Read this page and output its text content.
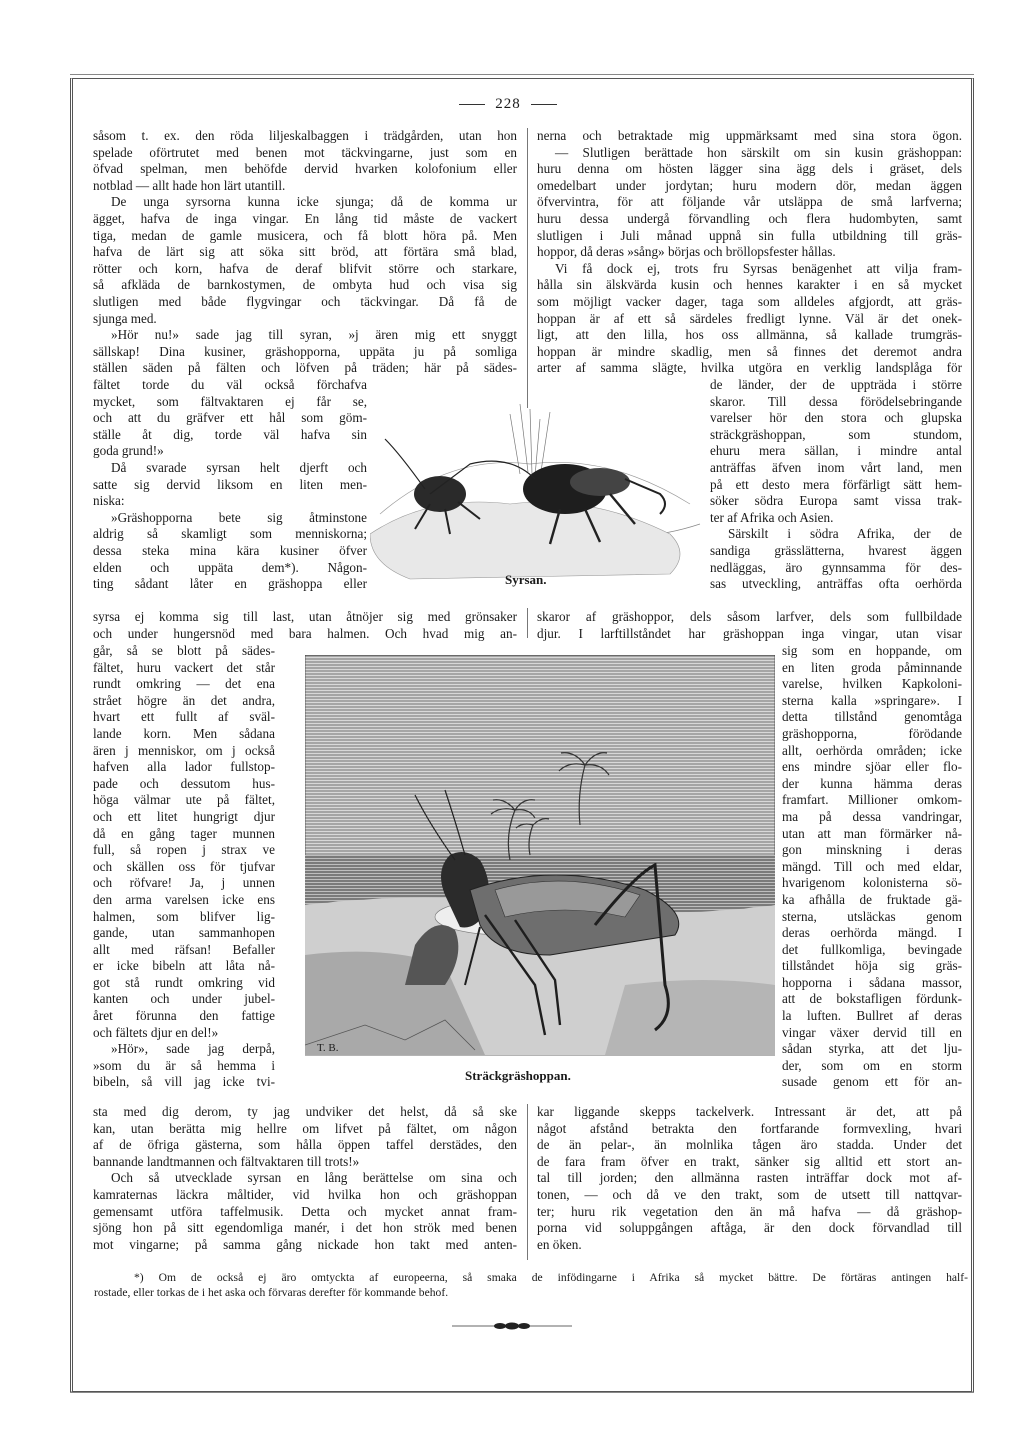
228
såsom t. ex. den röda liljeskalbaggen i trädgården, utan hon
spelade oförtrutet med benen mot täckvingarne, just som en
öfvad spelman, men behöfde dervid hvarken kolofonium eller
notblad — allt hade hon lärt utantill.
De unga syrsorna kunna icke sjunga; då de komma ur
ägget, hafva de inga vingar. En lång tid måste de vackert
tiga, medan de gamle musicera, och få blott höra på. Men
hafva de lärt sig att söka sitt bröd, att förtära små blad,
rötter och korn, hafva de deraf blifvit större och starkare,
så afkläda de barnkostymen, de ombyta hud och visa sig
slutligen med både flygvingar och täckvingar. Då få de
sjunga med.
»Hör nu!» sade jag till syran, »j ären mig ett snyggt
sällskap! Dina kusiner, gräshopporna, uppäta ju på somliga
ställen säden på fälten och löfven på träden; här på sädes-
fältet torde du väl också förchafva
mycket, som fältvaktaren ej får se,
och att du gräfver ett hål som göm-
ställe åt dig, torde väl hafva sin
goda grund!»
Då svarade syrsan helt djerft och
satte sig dervid liksom en liten men-
niska:
»Gräshopporna bete sig åtminstone
aldrig så skamligt som menniskorna;
dessa steka mina kära kusiner öfver
elden och uppäta dem*). Någon-
ting sådant låter en gräshoppa eller
syrsa ej komma sig till last, utan åtnöjer sig med grönsaker
och under hungersnöd med bara halmen. Och hvad mig an-
går, så se blott på sädes-
fältet, huru vackert det står
rundt omkring — det ena
strået högre än det andra,
hvart ett fullt af sväl-
lande korn. Men sådana
ären j menniskor, om j också
hafven alla lador fullstop-
pade och dessutom hus-
höga välmar ute på fältet,
och ett litet hungrigt djur
då en gång tager munnen
full, så ropen j strax ve
och skällen oss för tjufvar
och röfvare! Ja, j unnen
den arma varelsen icke ens
halmen, som blifver lig-
gande, utan sammanhopen
allt med räfsan! Befaller
er icke bibeln att låta nå-
got stå rundt omkring vid
kanten och under jubel-
året förunna den fattige
och fältets djur en del!»
»Hör», sade jag derpå,
»som du är så hemma i
bibeln, så vill jag icke tvi-
sta med dig derom, ty jag undviker det helst, då så ske
kan, utan berätta mig hellre om lifvet på fältet, om någon
af de öfriga gästerna, som hålla öppen taffel derstädes, den
bannande landtmannen och fältvaktaren till trots!»
Och så utvecklade syrsan en lång berättelse om sina och
kamraternas läckra måltider, vid hvilka hon och gräshoppan
gemensamt utföra taffelmusik. Detta och mycket annat fram-
sjöng hon på sitt egendomliga manér, i det hon strök med benen
mot vingarne; på samma gång nickade hon takt med anten-
nerna och betraktade mig uppmärksamt med sina stora ögon.
— Slutligen berättade hon särskilt om sin kusin gräshoppan:
huru denna om hösten lägger sina ägg dels i gräset, dels
omedelbart under jordytan; huru modern dör, medan äggen
öfvervintra, för att följande vår utsläppa de små larfverna;
huru dessa undergå förvandling och flera hudombyten, samt
slutligen i Juli månad uppnå sin fulla utbildning till gräs-
hoppor, då deras »sång» börjas och bröllopsfester hållas.
Vi få dock ej, trots fru Syrsas benägenhet att vilja fram-
hålla sin älskvärda kusin och hennes karakter i en så mycket
som möjligt vacker dager, taga som alldeles afgjordt, att gräs-
hoppan är af ett så särdeles fredligt lynne. Väl är det onek-
ligt, att den lilla, hos oss allmänna, så kallade trumgräs-
hoppan är mindre skadlig, men så finnes det deremot andra
arter af samma slägte, hvilka utgöra en verklig landsplåga för
de länder, der de uppträda i större
skaror. Till dessa förödelsebringande
varelser hör den stora och glupska
sträckgräshoppan, som stundom,
ehuru mera sällan, i mindre antal
anträffas äfven inom vårt land, men
på ett desto mera förfärligt sätt hem-
söker södra Europa samt vissa trak-
ter af Afrika och Asien.
Särskilt i södra Afrika, der de
sandiga grässlätterna, hvarest äggen
nedläggas, äro gynnsamma för des-
sas utveckling, anträffas ofta oerhörda
skaror af gräshoppor, dels såsom larfver, dels som fullbildade
djur. I larftillståndet har gräshoppan inga vingar, utan visar
sig som en hoppande, om
en liten groda påminnande
varelse, hvilken Kapkoloni-
sterna kalla »springare». I
detta tillstånd genomtåga
gräshopporna, förödande
allt, oerhörda områden; icke
ens mindre sjöar eller flo-
der kunna hämma deras
framfart. Millioner omkom-
ma på dessa vandringar,
utan att man förmärker nå-
gon minskning i deras
mängd. Till och med eldar,
hvarigenom kolonisterna sö-
ka afhålla de fruktade gä-
sterna, utsläckas genom
deras oerhörda mängd. I
det fullkomliga, bevingade
tillståndet höja sig gräs-
hopporna i sådana massor,
att de bokstafligen fördunk-
la luften. Bullret af deras
vingar växer dervid till en
sådan styrka, att det lju-
der, som om en storm
susade genom ett för an-
kar liggande skepps tackelverk. Intressant är det, att på
något afstånd betrakta den fortfarande formvexling, hvari
de än pelar-, än molnlika tågen äro stadda. Under det
de fara fram öfver en trakt, sänker sig alltid ett stort an-
tal till jorden; den allmänna rasten inträffar dock mot af-
tonen, — och då ve den trakt, som de utsett till nattqvar-
ter; huru rik vegetation den än må hafva — då gräshop-
porna vid soluppgången aftåga, är den dock förvandlad till
en öken.
Syrsan.
T. B.
Sträckgräshoppan.
*) Om de också ej äro omtyckta af europeerna, så smaka de infödingarne i Afrika så mycket bättre. De förtäras antingen half-
rostade, eller torkas de i het aska och förvaras derefter för kommande behof.
